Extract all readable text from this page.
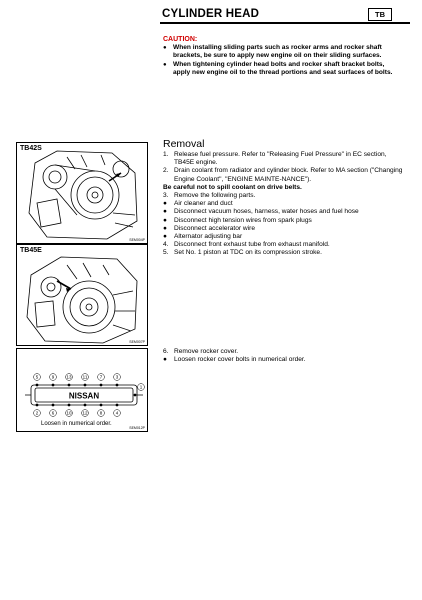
CYLINDER HEAD	TB
CAUTION:
● When installing sliding parts such as rocker arms and rocker shaft brackets, be sure to apply new engine oil on their sliding surfaces.
● When tightening cylinder head bolts and rocker shaft bracket bolts, apply new engine oil to the thread portions and seat surfaces of bolts.
TB42S
SEM004P
TB45E
SEM007P
NISSAN
5	9	13 11	7	3
1
2	6	10 12	8	4
Loosen in numerical order.
SEM012P
Removal
1. Release fuel pressure. Refer to "Releasing Fuel Pressure" in EC section, TB45E engine.
2. Drain coolant from radiator and cylinder block. Refer to MA section ("Changing Engine Coolant", "ENGINE MAINTE-NANCE").
Be careful not to spill coolant on drive belts.
3. Remove the following parts.
● Air cleaner and duct
● Disconnect vacuum hoses, harness, water hoses and fuel hose
● Disconnect high tension wires from spark plugs
● Disconnect accelerator wire
● Alternator adjusting bar
4. Disconnect front exhaust tube from exhaust manifold.
5. Set No. 1 piston at TDC on its compression stroke.
6. Remove rocker cover.
● Loosen rocker cover bolts in numerical order.
